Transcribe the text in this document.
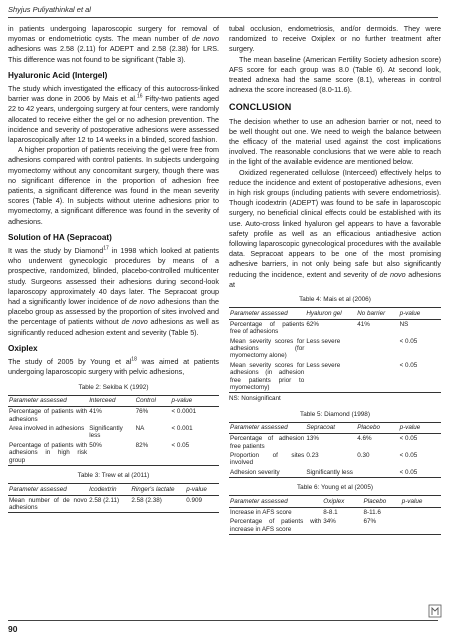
Shyjus Puliyathinkal et al

in patients undergoing laparoscopic surgery for removal of myomas or endometriotic cysts. The mean number of de novo adhesions was 2.58 (2.11) for ADEPT and 2.58 (2.38) for LRS. This difference was not found to be significant (Table 3).

Hyaluronic Acid (Intergel)

The study which investigated the efficacy of this autocross-linked barrier was done in 2006 by Mais et al.$^{16}$ Fifty-two patients aged 22 to 42 years, undergoing surgery at four centers, were randomly allocated to receive either the gel or no adhesion prevention. The incidence and severity of postoperative adhesions were assessed laparoscopically after 12 to 14 weeks in a blinded, scored fashion.

A higher proportion of patients receiving the gel were free from adhesions compared with control patients. In subjects undergoing myomectomy without any concomitant surgery, though there was no significant difference in the proportion of adhesion free patients, a significant difference was found in the mean severity scores (Table 4). In subjects without uterine adhesions prior to myomectomy, a significant difference was found in the severity of adhesions.

Solution of HA (Sepracoat)

It was the study by Diamond$^{17}$ in 1998 which looked at patients who underwent gynecologic procedures by means of a prospective, randomized, blinded, placebo-controlled multicenter study. Surgeons assessed their adhesions during second-look laparoscopy approximately 40 days later. The Sepracoat group had a significantly lower incidence of de novo adhesions than the placebo group as assessed by the proportion of sites involved and the percentage of patients without de novo adhesions as well as significantly reduced adhesion extent and severity (Table 5).

Oxiplex

The study of 2005 by Young et $al^{18}$ was aimed at patients undergoing laparoscopic surgery with pelvic adhesions,

Table 2: Sekiba K (1992)
Parameter assessed	Interceed	Control	p-value
Percentage of patients with adhesions	41%	76%	< 0.0001
Area involved in adhesions	Significantly less	NA	< 0.001
Percentage of patients with adhesions in high risk group	50%	82%	< 0.05
Table 3: Trew et al (2011)
Parameter assessed	Icodextrin	Ringer's lactate	p-value
Mean number of de novo adhesions	2.58 (2.11)	2.58 (2.38)	0.909

tubal occlusion, endometriosis, and/or dermoids. They were randomized to receive Oxiplex or no further treatment after surgery.

The mean baseline (American Fertility Society adhesion score) AFS score for each group was 8.0 (Table 6). At second look, treated adnexa had the same score (8.1), whereas in control adnexa the score increased (8.0-11.6).

CONCLUSION

The decision whether to use an adhesion barrier or not, need to be well thought out one. We need to weigh the balance between the efficacy of the material used against the cost implications involved. The reasonable conclusions that we were able to reach in the light of the available evidence are mentioned below.

Oxidized regenerated cellulose (Interceed) effectively helps to reduce the incidence and extent of postoperative adhesions, even in high risk groups (including patients with severe endometriosis). Though icodextrin (ADEPT) was found to be safe in laparoscopic surgery, no beneficial clinical effects could be established with its use. Auto-cross linked hyaluron gel appears to have a favorable safety profile as well as an efficacious antiadhesive action following laparoscopic gynecological procedures with the available data. Sepracoat appears to be one of the most promising adhesive barriers, in not only being safe but also significantly reducing the incidence, extent and severity of de novo adhesions at

Table 4: Mais et al (2006)
Parameter assessed	Hyaluron gel	No barrier	p-value
Percentage of patients free of adhesions	62%	41%	NS
Mean severity scores for adhesions (for myomectomy alone)	Less severe		< 0.05
Mean severity scores for adhesions (in adhesion free patients prior to myomectomy)	Less severe		< 0.05
NS: Nonsignificant
Table 5: Diamond (1998)
Parameter assessed	Sepracoat	Placebo	p-value
Percentage of adhesion free patients	13%	4.6%	< 0.05
Proportion of sites involved	0.23	0.30	< 0.05
Adhesion severity	Significantly less		< 0.05
Table 6: Young et al (2005)
Parameter assessed	Oxiplex	Placebo	p-value
Increase in AFS score	8-8.1	8-11.6	
Percentage of patients with increase in AFS score	34%	67%	
90
